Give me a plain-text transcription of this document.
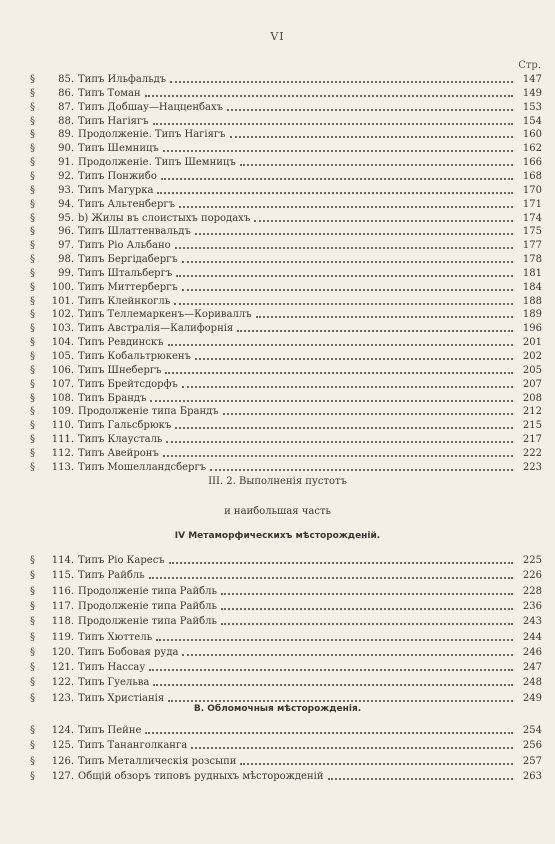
VI
Стр.
§	85. Типъ Ильфальдъ	147
§	86. Типъ Томан	149
§	87. Типъ Добшау—Нацценбахъ	153
§	88. Типъ Нагіягъ	154
§	89. Продолженіе. Типъ Нагіягъ	160
§	90. Типъ Шемницъ	162
§	91. Продолженіе. Типъ Шемницъ	166
§	92. Типъ Понжибо	168
§	93. Типъ Магурка	170
§	94. Типъ Альтенбергъ	171
§	95. b) Жилы въ слоистыхъ породахъ	174
§	96. Типъ Шлаттенвальдъ	175
§	97. Типъ Ріо Альбано	177
§	98. Типъ Бергідабергъ	178
§	99. Типъ Штальбергъ	181
§	100. Типъ Миттербергъ	184
§	101. Типъ Клейнкогль	188
§	102. Типъ Теллемаркенъ—Кориваллъ	189
§	103. Типъ Австралія—Калифорнія	196
§	104. Типъ Ревдинскъ	201
§	105. Типъ Кобальтрюкенъ	202
§	106. Типъ Шнебергъ	205
§	107. Типъ Брейтсдорфъ	207
§	108. Типъ Брандъ	208
§	109. Продолженіе типа Брандъ	212
§	110. Типъ Гальсбрюкъ	215
§	111. Типъ Клаусталь	217
§	112. Типъ Авейронъ	222
§	113. Типъ Мошелландсбергъ	223
III. 2. Выполненія пустотъ
и наибольшая часть
IV Метаморфическихъ мѣсторожденій.
§	114. Типъ Ріо Каресъ	225
§	115. Типъ Райбль	226
§	116. Продолженіе типа Райбль	228
§	117. Продолженіе типа Райбль	236
§	118. Продолженіе типа Райбль	243
§	119. Типъ Хюттель	244
§	120. Типъ Бобовая руда	246
§	121. Типъ Нассау	247
§	122. Типъ Гуельва	248
§	123. Типъ Христіанія	249
В. Обломочныя мѣсторожденія.
§	124. Типъ Пейне	254
§	125. Типъ Тананголканга	256
§	126. Типъ Металлическія розсыпи	257
§	127. Общій обзоръ типовъ рудныхъ мѣсторожденій	263
